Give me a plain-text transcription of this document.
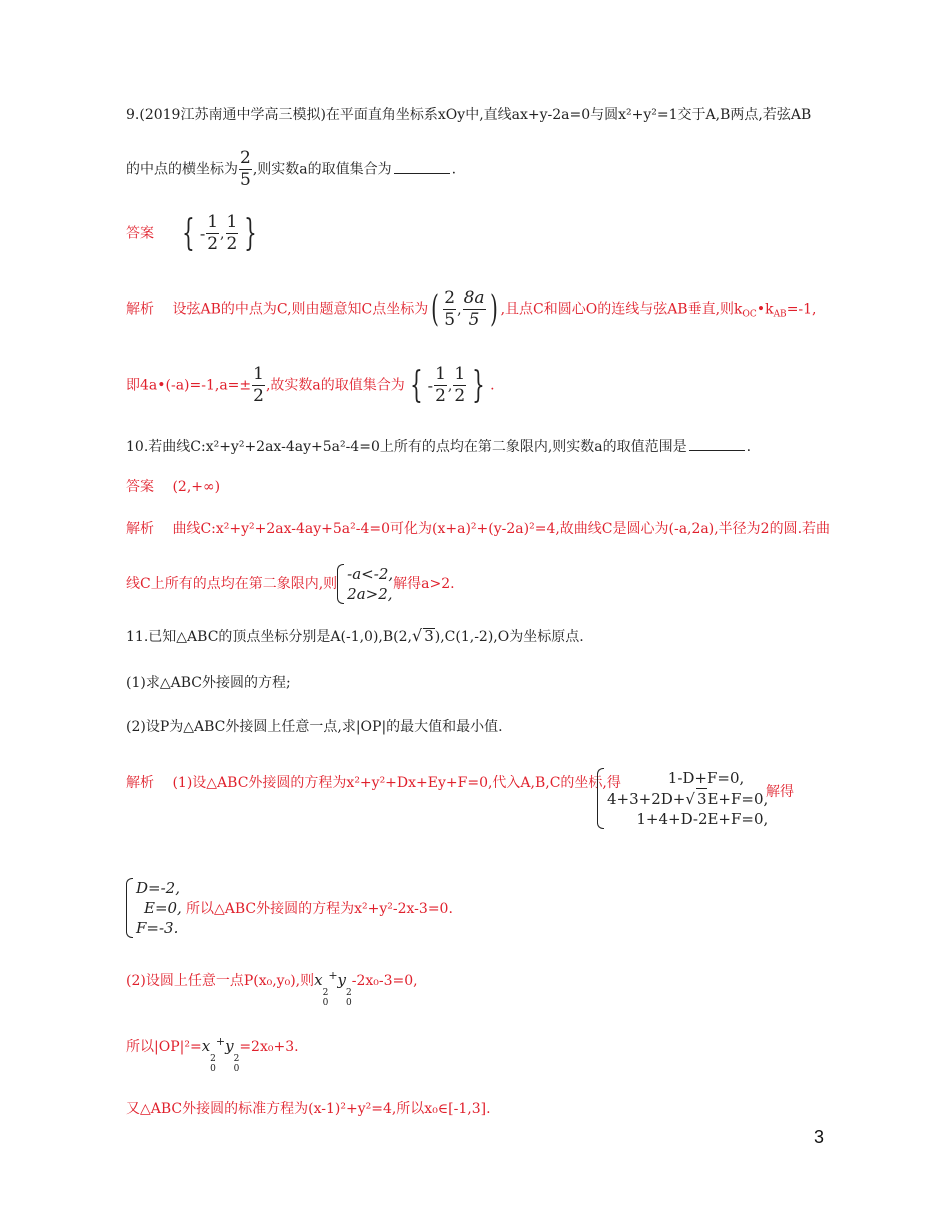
9.(2019江苏南通中学高三模拟)在平面直角坐标系xOy中,直线ax+y-2a=0与圆x²+y²=1交于A,B两点,若弦AB
的中点的横坐标为 $\frac{2}{5}$ ,则实数a的取值集合为	.
答案 { - $\frac{1}{2}$ , $\frac{1}{2}$ }
解析 设弦AB的中点为C,则由题意知C点坐标为 ( $\frac{2}{5}$ , $\frac{8a}{5}$ ) ,且点C和圆心O的连线与弦AB垂直,则$k_{OC}•k_{AB}=-1$,
即4a•(-a)=-1,a=± $\frac{1}{2}$ ,故实数a的取值集合为 { - $\frac{1}{2}$ , $\frac{1}{2}$ } .
10.若曲线C:x²+y²+2ax-4ay+5a²-4=0上所有的点均在第二象限内,则实数a的取值范围是	.
答案 (2,+∞)
解析 曲线C:x²+y²+2ax-4ay+5a²-4=0可化为(x+a)²+(y-2a)²=4,故曲线C是圆心为(-a,2a),半径为2的圆.若曲
线C上所有的点均在第二象限内,则
-a<-2,
2a>2,
解得a>2.
11.已知△ABC的顶点坐标分别是A(-1,0),B(2,√ 3),C(1,-2),O为坐标原点.
(1)求△ABC外接圆的方程;
(2)设P为△ABC外接圆上任意一点,求|OP|的最大值和最小值.
解析 (1)设△ABC外接圆的方程为x²+y²+Dx+Ey+F=0,代入A,B,C的坐标,得	1-D+F=0,
4+3+2D+√ 3E+F=0,
1+4+D-2E+F=0,
解得
D=-2,
E=0,
F=-3.
所以△ABC外接圆的方程为x²+y²-2x-3=0.
(2)设圆上任意一点P(x₀,y₀),则x
2
0
+y
2
0
-2x₀-3=0,
所以|OP|²=x
2
0
+y
2
0
=2x₀+3.
又△ABC外接圆的标准方程为(x-1)²+y²=4,所以x₀∈[-1,3].
3
